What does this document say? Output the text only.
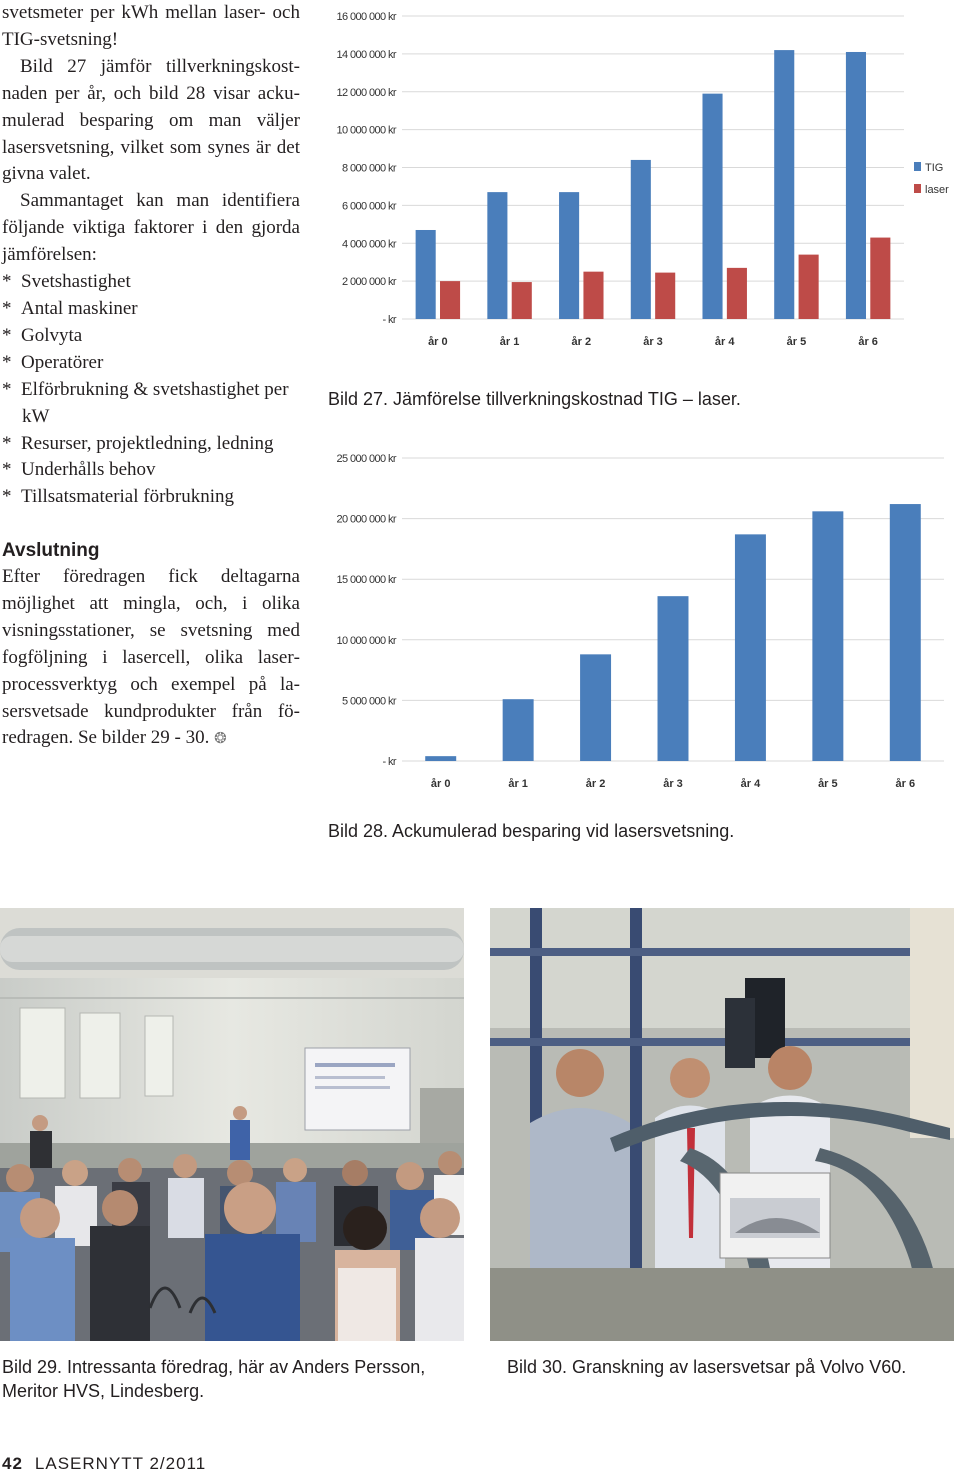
svetsmeter per kWh mellan laser- och TIG-svetsning!

Bild 27 jämför tillverkningskostnaden per år, och bild 28 visar ackumulerad besparing om man väljer lasersvetsning, vilket som synes är det givna valet.

Sammantaget kan man identifiera följande viktiga faktorer i den gjorda jämförelsen:

* Svetshastighet
* Antal maskiner
* Golvyta
* Operatörer
* Elförbrukning & svetshastighet per kW
* Resurser, projektledning, ledning
* Underhålls behov
* Tillsatsmaterial förbrukning
Avslutning

Efter föredragen fick deltagarna möjlighet att mingla, och, i olika visningsstationer, se svetsning med fogföljning i lasercell, olika laserprocessverktyg och exempel på lasersvetsade kundprodukter från föredragen. Se bilder 29 - 30. ❂

- kr
2 000 000 kr
4 000 000 kr
6 000 000 kr
8 000 000 kr
10 000 000 kr
12 000 000 kr
14 000 000 kr
16 000 000 kr
år 0	år 1	år 2	år 3	år 4	år 5	år 6
TIG
laser
Bild 27. Jämförelse tillverkningskostnad TIG – laser.
- kr
5 000 000 kr
10 000 000 kr
15 000 000 kr
20 000 000 kr
25 000 000 kr
år 0	år 1	år 2	år 3	år 4	år 5	år 6
Bild 28. Ackumulerad besparing vid lasersvetsning.
Bild 29. Intressanta föredrag, här av Anders Persson, Meritor HVS, Lindesberg.
Bild 30. Granskning av lasersvetsar på Volvo V60.
42 LASERNYTT 2/2011
